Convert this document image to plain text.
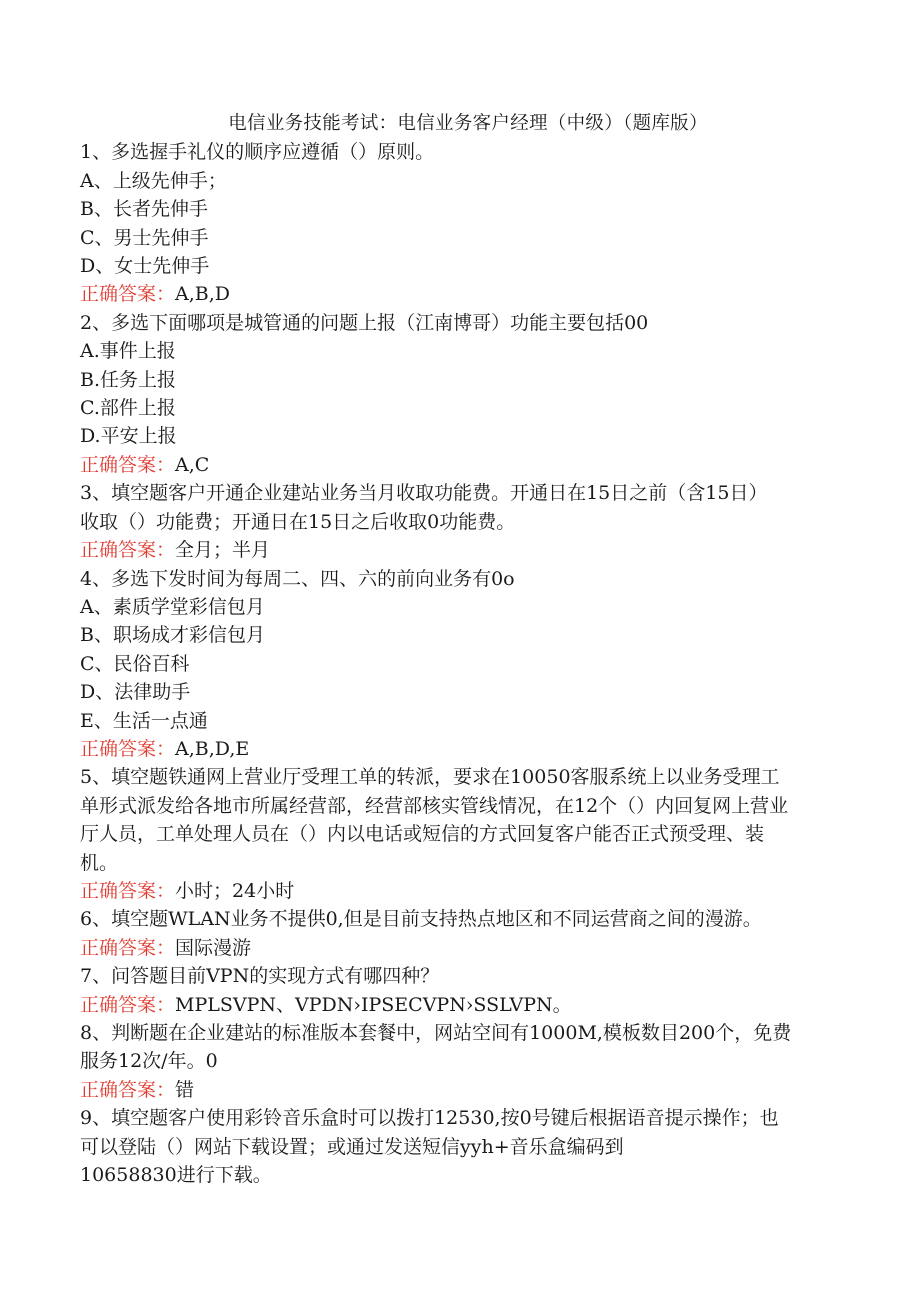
电信业务技能考试：电信业务客户经理（中级）（题库版）

1、多选握手礼仪的顺序应遵循（）原则。

A、上级先伸手；

B、长者先伸手

C、男士先伸手

D、女士先伸手

正确答案：A,B,D

2、多选下面哪项是城管通的问题上报（江南博哥）功能主要包括00

A.事件上报

B.任务上报

C.部件上报

D.平安上报

正确答案：A,C

3、填空题客户开通企业建站业务当月收取功能费。开通日在15日之前（含15日）

收取（）功能费；开通日在15日之后收取0功能费。

正确答案：全月；半月

4、多选下发时间为每周二、四、六的前向业务有0o

A、素质学堂彩信包月

B、职场成才彩信包月

C、民俗百科

D、法律助手

E、生活一点通

正确答案：A,B,D,E

5、填空题铁通网上营业厅受理工单的转派，要求在10050客服系统上以业务受理工

单形式派发给各地市所属经营部，经营部核实管线情况，在12个（）内回复网上营业

厅人员，工单处理人员在（）内以电话或短信的方式回复客户能否正式预受理、装

机。

正确答案：小时；24小时

6、填空题WLAN业务不提供0,但是目前支持热点地区和不同运营商之间的漫游。

正确答案：国际漫游

7、问答题目前VPN的实现方式有哪四种？

正确答案：MPLSVPN、VPDN›IPSECVPN›SSLVPN。

8、判断题在企业建站的标准版本套餐中，网站空间有1000M,模板数目200个，免费

服务12次/年。0

正确答案：错

9、填空题客户使用彩铃音乐盒时可以拨打12530,按0号键后根据语音提示操作；也

可以登陆（）网站下载设置；或通过发送短信yyh+音乐盒编码到

10658830进行下载。
